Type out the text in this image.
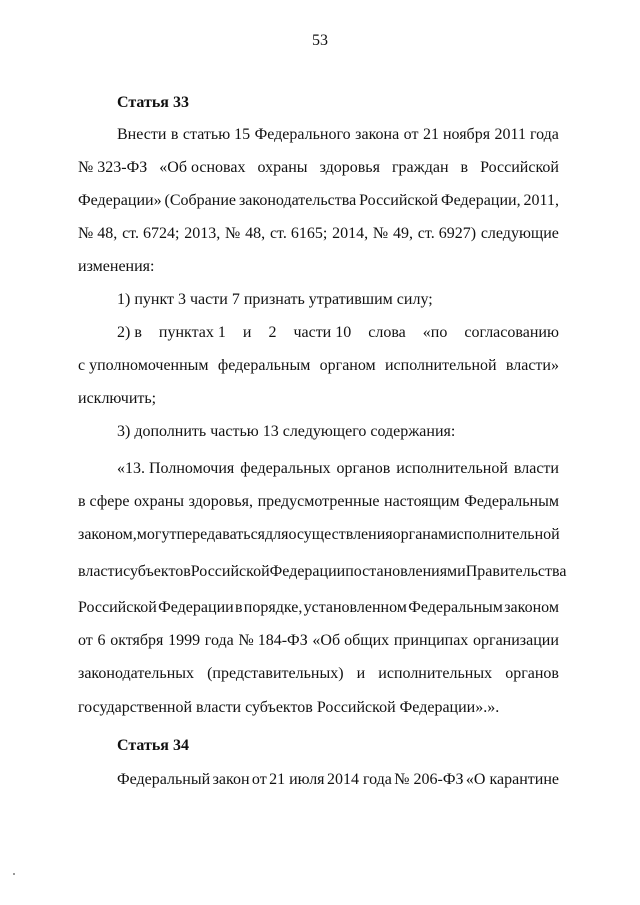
53
Статья 33
Внести в статью 15 Федерального закона от 21 ноября 2011 года
№ 323-ФЗ «Об основах охраны здоровья граждан в Российской
Федерации» (Собрание законодательства Российской Федерации, 2011,
№ 48, ст. 6724; 2013, № 48, ст. 6165; 2014, № 49, ст. 6927) следующие
изменения:
1) пункт 3 части 7 признать утратившим силу;
2) в пунктах 1 и 2 части 10 слова «по согласованию
с уполномоченным федеральным органом исполнительной власти»
исключить;
3) дополнить частью 13 следующего содержания:
«13. Полномочия федеральных органов исполнительной власти
в сфере охраны здоровья, предусмотренные настоящим Федеральным
законом, могут передаваться для осуществления органам исполнительной
власти субъектов Российской Федерации постановлениями Правительства
Российской Федерации в порядке, установленном Федеральным законом
от 6 октября 1999 года № 184-ФЗ «Об общих принципах организации
законодательных (представительных) и исполнительных органов
государственной власти субъектов Российской Федерации».».
Статья 34
Федеральный закон от 21 июля 2014 года № 206-ФЗ «О карантине
